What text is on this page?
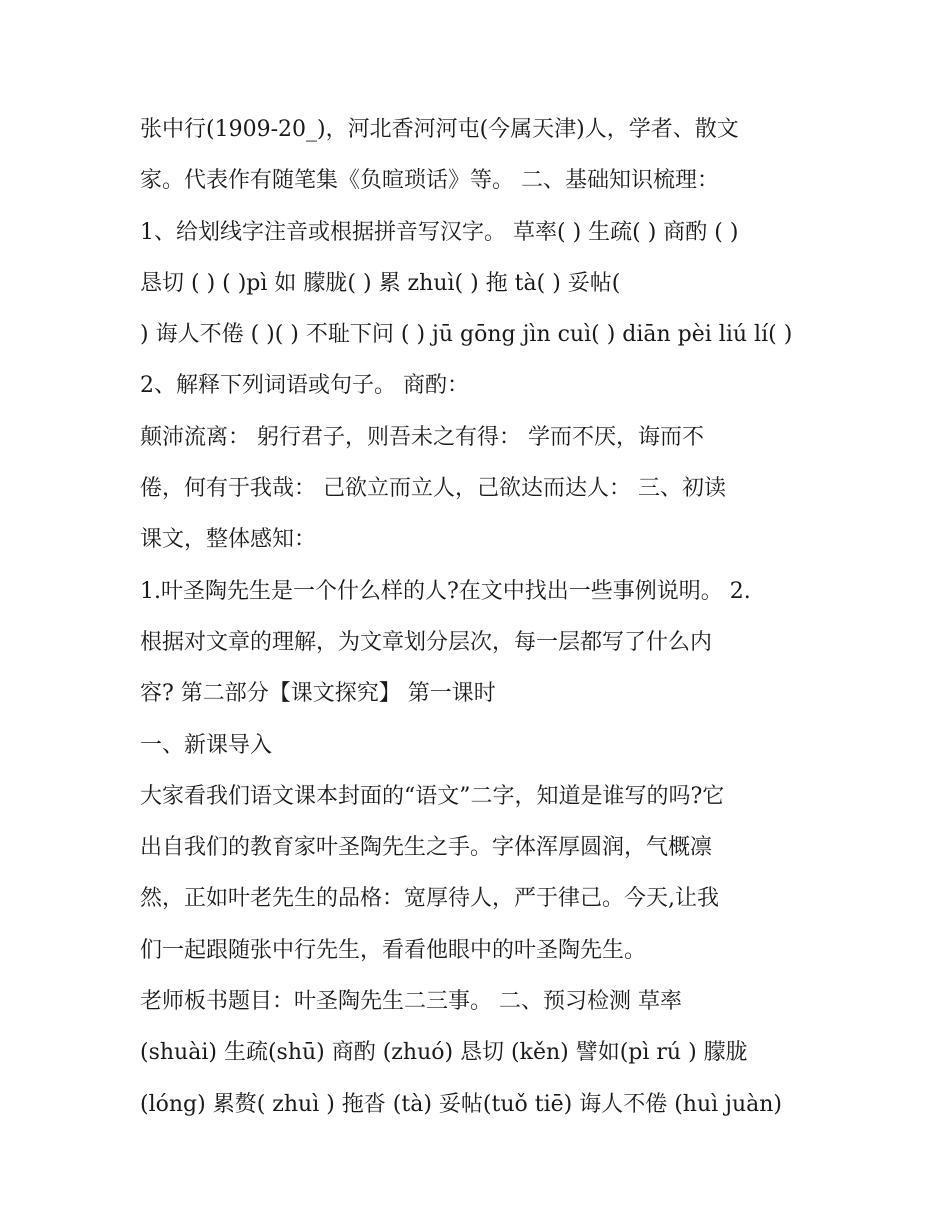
张中行(1909-20_)，河北香河河屯(今属天津)人，学者、散文
家。代表作有随笔集《负暄琐话》等。 二、基础知识梳理：
1、给划线字注音或根据拼音写汉字。 草率( ) 生疏( ) 商酌 ( )
恳切 ( ) ( )pì 如 朦胧( ) 累 zhuì( ) 拖 tà( ) 妥帖(
) 诲人不倦 ( )( ) 不耻下问 ( ) jū gōng jìn cuì( ) diān pèi liú lí( )
2、解释下列词语或句子。 商酌：
颠沛流离： 躬行君子，则吾未之有得： 学而不厌，诲而不
倦，何有于我哉： 己欲立而立人，己欲达而达人： 三、初读
课文，整体感知：
1.叶圣陶先生是一个什么样的人?在文中找出一些事例说明。 2.
根据对文章的理解，为文章划分层次，每一层都写了什么内
容? 第二部分【课文探究】 第一课时
一、新课导入
大家看我们语文课本封面的“语文”二字，知道是谁写的吗?它
出自我们的教育家叶圣陶先生之手。字体浑厚圆润，气概凛
然，正如叶老先生的品格：宽厚待人，严于律己。今天,让我
们一起跟随张中行先生，看看他眼中的叶圣陶先生。
老师板书题目：叶圣陶先生二三事。 二、预习检测 草率
(shuài) 生疏(shū) 商酌 (zhuó) 恳切 (kěn) 譬如(pì rú ) 朦胧
(lóng) 累赘( zhuì ) 拖沓 (tà) 妥帖(tuǒ tiē) 诲人不倦 (huì juàn)
